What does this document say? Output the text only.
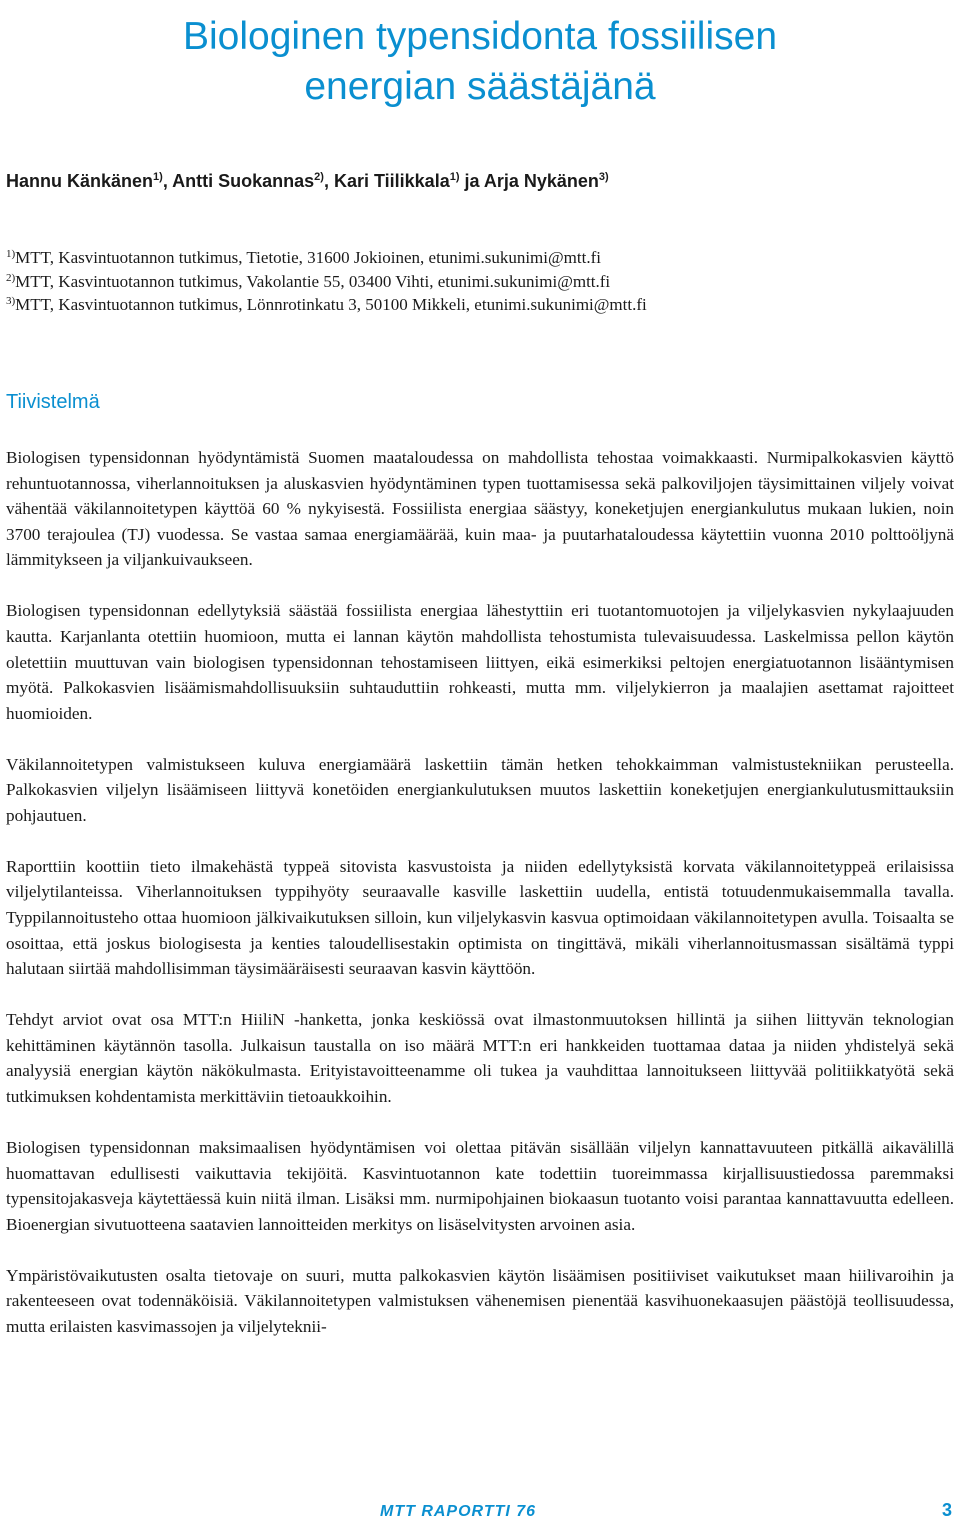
Biologinen typensidonta fossiilisen
energian säästäjänä

Hannu Känkänen$^{1)}$, Antti Suokannas$^{2)}$, Kari Tiilikkala$^{1)}$ ja Arja Nykänen$^{3)}$

$^{1)}$MTT, Kasvintuotannon tutkimus, Tietotie, 31600 Jokioinen, etunimi.sukunimi@mtt.fi
$^{2)}$MTT, Kasvintuotannon tutkimus, Vakolantie 55, 03400 Vihti, etunimi.sukunimi@mtt.fi
$^{3)}$MTT, Kasvintuotannon tutkimus, Lönnrotinkatu 3, 50100 Mikkeli, etunimi.sukunimi@mtt.fi
Tiivistelmä

Biologisen typensidonnan hyödyntämistä Suomen maataloudessa on mahdollista tehostaa voimakkaasti. Nurmipalkokasvien käyttö rehuntuotannossa, viherlannoituksen ja aluskasvien hyödyntäminen typen tuottamisessa sekä palkoviljojen täysimittainen viljely voivat vähentää väkilannoitetypen käyttöä 60 % nykyisestä. Fossiilista energiaa säästyy, koneketjujen energiankulutus mukaan lukien, noin 3700 terajoulea (TJ) vuodessa. Se vastaa samaa energiamäärää, kuin maa- ja puutarhataloudessa käytettiin vuonna 2010 polttoöljynä lämmitykseen ja viljankuivaukseen.

Biologisen typensidonnan edellytyksiä säästää fossiilista energiaa lähestyttiin eri tuotantomuotojen ja viljelykasvien nykylaajuuden kautta. Karjanlanta otettiin huomioon, mutta ei lannan käytön mahdollista tehostumista tulevaisuudessa. Laskelmissa pellon käytön oletettiin muuttuvan vain biologisen typensidonnan tehostamiseen liittyen, eikä esimerkiksi peltojen energiatuotannon lisääntymisen myötä. Palkokasvien lisäämismahdollisuuksiin suhtauduttiin rohkeasti, mutta mm. viljelykierron ja maalajien asettamat rajoitteet huomioiden.

Väkilannoitetypen valmistukseen kuluva energiamäärä laskettiin tämän hetken tehokkaimman valmistustekniikan perusteella. Palkokasvien viljelyn lisäämiseen liittyvä konetöiden energiankulutuksen muutos laskettiin koneketjujen energiankulutusmittauksiin pohjautuen.

Raporttiin koottiin tieto ilmakehästä typpeä sitovista kasvustoista ja niiden edellytyksistä korvata väkilannoitetyppeä erilaisissa viljelytilanteissa. Viherlannoituksen typpihyöty seuraavalle kasville laskettiin uudella, entistä totuudenmukaisemmalla tavalla. Typpilannoitusteho ottaa huomioon jälkivaikutuksen silloin, kun viljelykasvin kasvua optimoidaan väkilannoitetypen avulla. Toisaalta se osoittaa, että joskus biologisesta ja kenties taloudellisestakin optimista on tingittävä, mikäli viherlannoitusmassan sisältämä typpi halutaan siirtää mahdollisimman täysimääräisesti seuraavan kasvin käyttöön.

Tehdyt arviot ovat osa MTT:n HiiliN -hanketta, jonka keskiössä ovat ilmastonmuutoksen hillintä ja siihen liittyvän teknologian kehittäminen käytännön tasolla. Julkaisun taustalla on iso määrä MTT:n eri hankkeiden tuottamaa dataa ja niiden yhdistelyä sekä analyysiä energian käytön näkökulmasta. Erityistavoitteenamme oli tukea ja vauhdittaa lannoitukseen liittyvää politiikkatyötä sekä tutkimuksen kohdentamista merkittäviin tietoaukkoihin.

Biologisen typensidonnan maksimaalisen hyödyntämisen voi olettaa pitävän sisällään viljelyn kannattavuuteen pitkällä aikavälillä huomattavan edullisesti vaikuttavia tekijöitä. Kasvintuotannon kate todettiin tuoreimmassa kirjallisuustiedossa paremmaksi typensitojakasveja käytettäessä kuin niitä ilman. Lisäksi mm. nurmipohjainen biokaasun tuotanto voisi parantaa kannattavuutta edelleen. Bioenergian sivutuotteena saatavien lannoitteiden merkitys on lisäselvitysten arvoinen asia.

Ympäristövaikutusten osalta tietovaje on suuri, mutta palkokasvien käytön lisäämisen positiiviset vaikutukset maan hiilivaroihin ja rakenteeseen ovat todennäköisiä. Väkilannoitetypen valmistuksen vähenemisen pienentää kasvihuonekaasujen päästöjä teollisuudessa, mutta erilaisten kasvimassojen ja viljelyteknii-

MTT RAPORTTI 76	3
